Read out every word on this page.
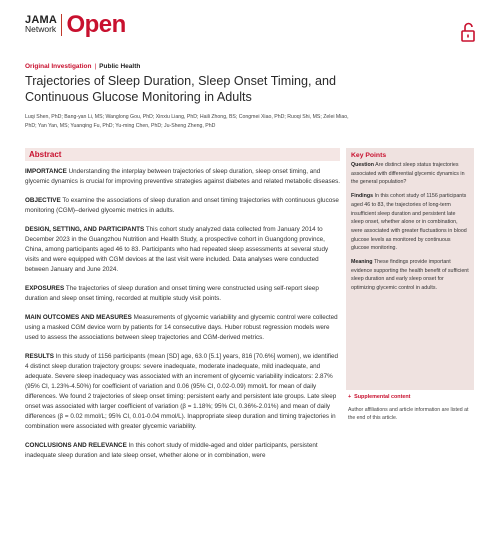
JAMA
Network Open
Original Investigation | Public Health
Trajectories of Sleep Duration, Sleep Onset Timing, and Continuous Glucose Monitoring in Adults
Luqi Shen, PhD; Bang-yan Li, MS; Wanglong Gou, PhD; Xinxiu Liang, PhD; Haili Zhong, BS; Congmei Xiao, PhD; Ruoqi Shi, MS; Zelei Miao, PhD; Yan Yan, MS; Yuanqing Fu, PhD; Yu-ming Chen, PhD; Ju-Sheng Zheng, PhD
Abstract

IMPORTANCE Understanding the interplay between trajectories of sleep duration, sleep onset timing, and glycemic dynamics is crucial for improving preventive strategies against diabetes and related metabolic diseases.

OBJECTIVE To examine the associations of sleep duration and onset timing trajectories with continuous glucose monitoring (CGM)–derived glycemic metrics in adults.

DESIGN, SETTING, AND PARTICIPANTS This cohort study analyzed data collected from January 2014 to December 2023 in the Guangzhou Nutrition and Health Study, a prospective cohort in Guangdong province, China, among participants aged 46 to 83. Participants who had repeated sleep assessments at several study visits and were equipped with CGM devices at the last visit were included. Data analyses were conducted between January and June 2024.

EXPOSURES The trajectories of sleep duration and onset timing were constructed using self-report sleep duration and sleep onset timing, recorded at multiple study visit points.

MAIN OUTCOMES AND MEASURES Measurements of glycemic variability and glycemic control were collected using a masked CGM device worn by patients for 14 consecutive days. Huber robust regression models were used to assess the associations between sleep trajectories and CGM-derived metrics.

RESULTS In this study of 1156 participants (mean [SD] age, 63.0 [5.1] years, 816 [70.6%] women), we identified 4 distinct sleep duration trajectory groups: severe inadequate, moderate inadequate, mild inadequate, and adequate. Severe sleep inadequacy was associated with an increment of glycemic variability indicators: 2.87% (95% CI, 1.23%-4.50%) for coefficient of variation and 0.06 (95% CI, 0.02-0.09) mmol/L for mean of daily differences. We found 2 trajectories of sleep onset timing: persistent early and persistent late groups. Late sleep onset was associated with larger coefficient of variation (β = 1.18%; 95% CI, 0.36%-2.01%) and mean of daily differences (β = 0.02 mmol/L; 95% CI, 0.01-0.04 mmol/L). Inappropriate sleep duration and timing trajectories in combination were associated with greater glycemic variability.

CONCLUSIONS AND RELEVANCE In this cohort study of middle-aged and older participants, persistent inadequate sleep duration and late sleep onset, whether alone or in combination, were

Key Points

Question Are distinct sleep status trajectories associated with differential glycemic dynamics in the general population?

Findings In this cohort study of 1156 participants aged 46 to 83, the trajectories of long-term insufficient sleep duration and persistent late sleep onset, whether alone or in combination, were associated with greater fluctuations in blood glucose levels as monitored by continuous glucose monitoring.

Meaning These findings provide important evidence supporting the health benefit of sufficient sleep duration and early sleep onset for optimizing glycemic control in adults.

+ Supplemental content
Author affiliations and article information are listed at the end of this article.
